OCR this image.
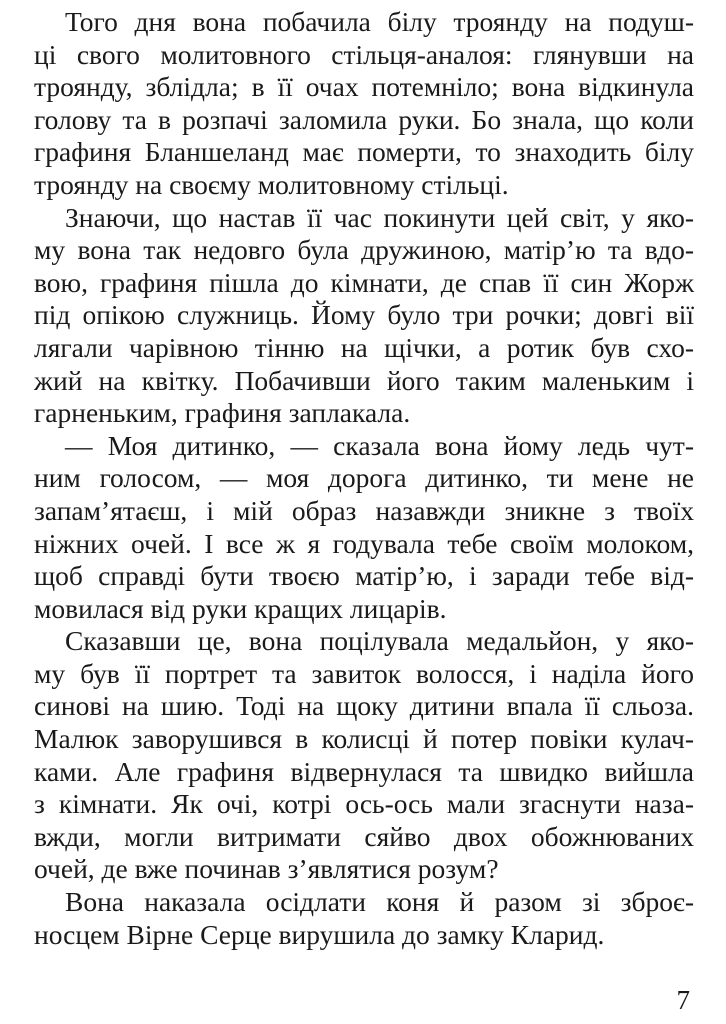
Того дня вона побачила білу троянду на подуш-
ці свого молитовного стільця-аналоя: глянувши на
троянду, зблідла; в її очах потемніло; вона відкинула
голову та в розпачі заломила руки. Бо знала, що коли
графиня Бланшеланд має померти, то знаходить білу
троянду на своєму молитовному стільці.
Знаючи, що настав її час покинути цей світ, у яко-
му вона так недовго була дружиною, матір’ю та вдо-
вою, графиня пішла до кімнати, де спав її син Жорж
під опікою служниць. Йому було три рочки; довгі вії
лягали чарівною тінню на щічки, а ротик був схо-
жий на квітку. Побачивши його таким маленьким і
гарненьким, графиня заплакала.
— Моя дитинко, — сказала вона йому ледь чут-
ним голосом, — моя дорога дитинко, ти мене не
запам’ятаєш, і мій образ назавжди зникне з твоїх
ніжних очей. І все ж я годувала тебе своїм молоком,
щоб справді бути твоєю матір’ю, і заради тебе від-
мовилася від руки кращих лицарів.
Сказавши це, вона поцілувала медальйон, у яко-
му був її портрет та завиток волосся, і наділа його
синові на шию. Тоді на щоку дитини впала її сльоза.
Малюк заворушився в колисці й потер повіки кулач-
ками. Але графиня відвернулася та швидко вийшла
з кімнати. Як очі, котрі ось-ось мали згаснути наза-
вжди, могли витримати сяйво двох обожнюваних
очей, де вже починав з’являтися розум?
Вона наказала осідлати коня й разом зі зброє-
носцем Вірне Серце вирушила до замку Кларид.
7
